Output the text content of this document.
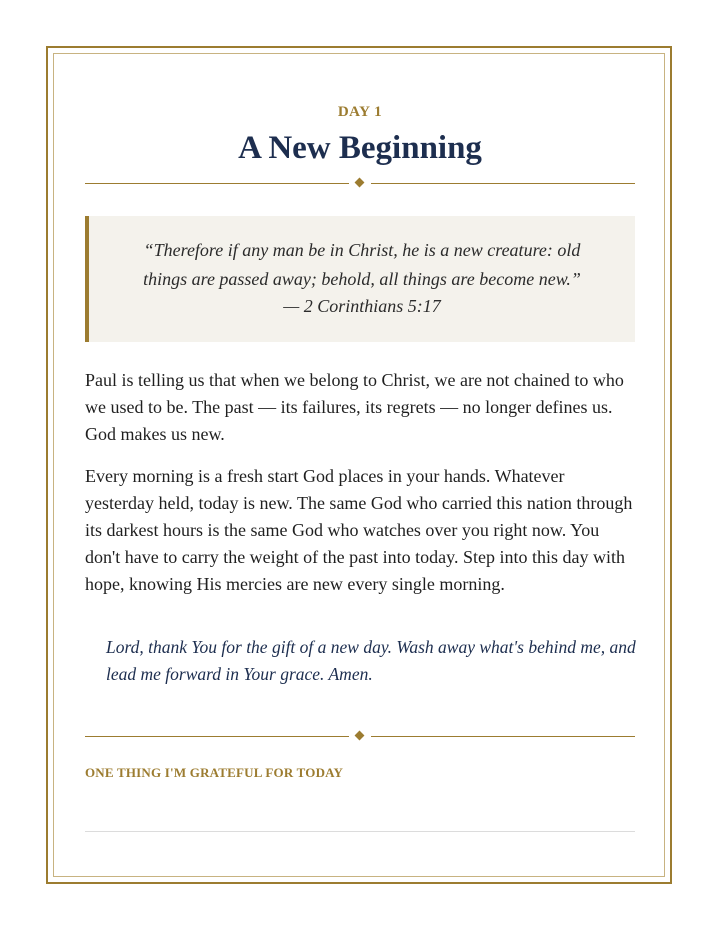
DAY 1
A New Beginning
“Therefore if any man be in Christ, he is a new creature: old
things are passed away; behold, all things are become new.”
— 2 Corinthians 5:17

Paul is telling us that when we belong to Christ, we are not chained to who we used to be. The past — its failures, its regrets — no longer defines us. God makes us new.

Every morning is a fresh start God places in your hands. Whatever yesterday held, today is new. The same God who carried this nation through its darkest hours is the same God who watches over you right now. You don't have to carry the weight of the past into today. Step into this day with hope, knowing His mercies are new every single morning.

Lord, thank You for the gift of a new day. Wash away what's behind me, and lead me forward in Your grace. Amen.

ONE THING I'M GRATEFUL FOR TODAY
